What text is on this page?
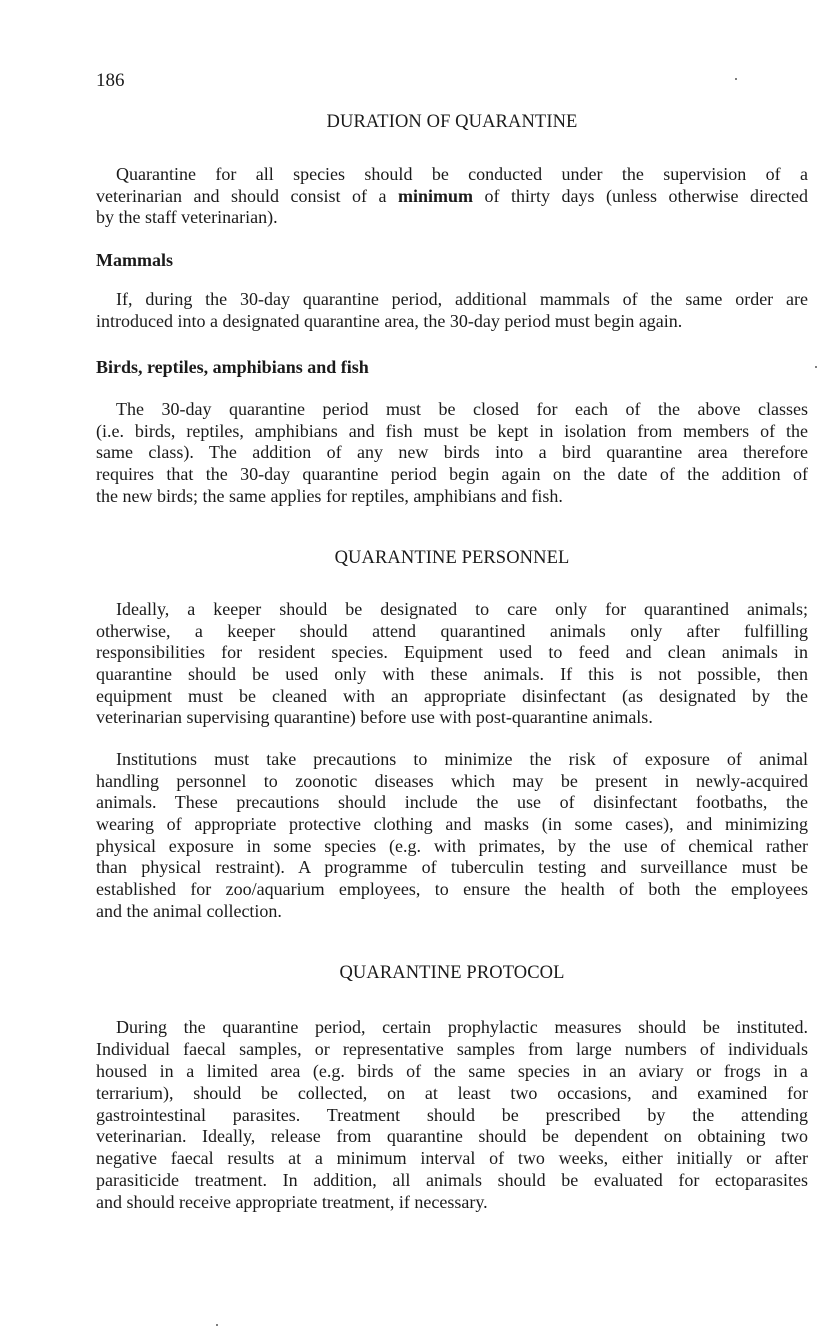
186
DURATION OF QUARANTINE
Quarantine for all species should be conducted under the supervision of a
veterinarian and should consist of a minimum of thirty days (unless otherwise directed
by the staff veterinarian).
Mammals
If, during the 30-day quarantine period, additional mammals of the same order are
introduced into a designated quarantine area, the 30-day period must begin again.
Birds, reptiles, amphibians and fish
The 30-day quarantine period must be closed for each of the above classes
(i.e. birds, reptiles, amphibians and fish must be kept in isolation from members of the
same class). The addition of any new birds into a bird quarantine area therefore
requires that the 30-day quarantine period begin again on the date of the addition of
the new birds; the same applies for reptiles, amphibians and fish.
QUARANTINE PERSONNEL
Ideally, a keeper should be designated to care only for quarantined animals;
otherwise, a keeper should attend quarantined animals only after fulfilling
responsibilities for resident species. Equipment used to feed and clean animals in
quarantine should be used only with these animals. If this is not possible, then
equipment must be cleaned with an appropriate disinfectant (as designated by the
veterinarian supervising quarantine) before use with post-quarantine animals.
Institutions must take precautions to minimize the risk of exposure of animal
handling personnel to zoonotic diseases which may be present in newly-acquired
animals. These precautions should include the use of disinfectant footbaths, the
wearing of appropriate protective clothing and masks (in some cases), and minimizing
physical exposure in some species (e.g. with primates, by the use of chemical rather
than physical restraint). A programme of tuberculin testing and surveillance must be
established for zoo/aquarium employees, to ensure the health of both the employees
and the animal collection.
QUARANTINE PROTOCOL
During the quarantine period, certain prophylactic measures should be instituted.
Individual faecal samples, or representative samples from large numbers of individuals
housed in a limited area (e.g. birds of the same species in an aviary or frogs in a
terrarium), should be collected, on at least two occasions, and examined for
gastrointestinal parasites. Treatment should be prescribed by the attending
veterinarian. Ideally, release from quarantine should be dependent on obtaining two
negative faecal results at a minimum interval of two weeks, either initially or after
parasiticide treatment. In addition, all animals should be evaluated for ectoparasites
and should receive appropriate treatment, if necessary.
